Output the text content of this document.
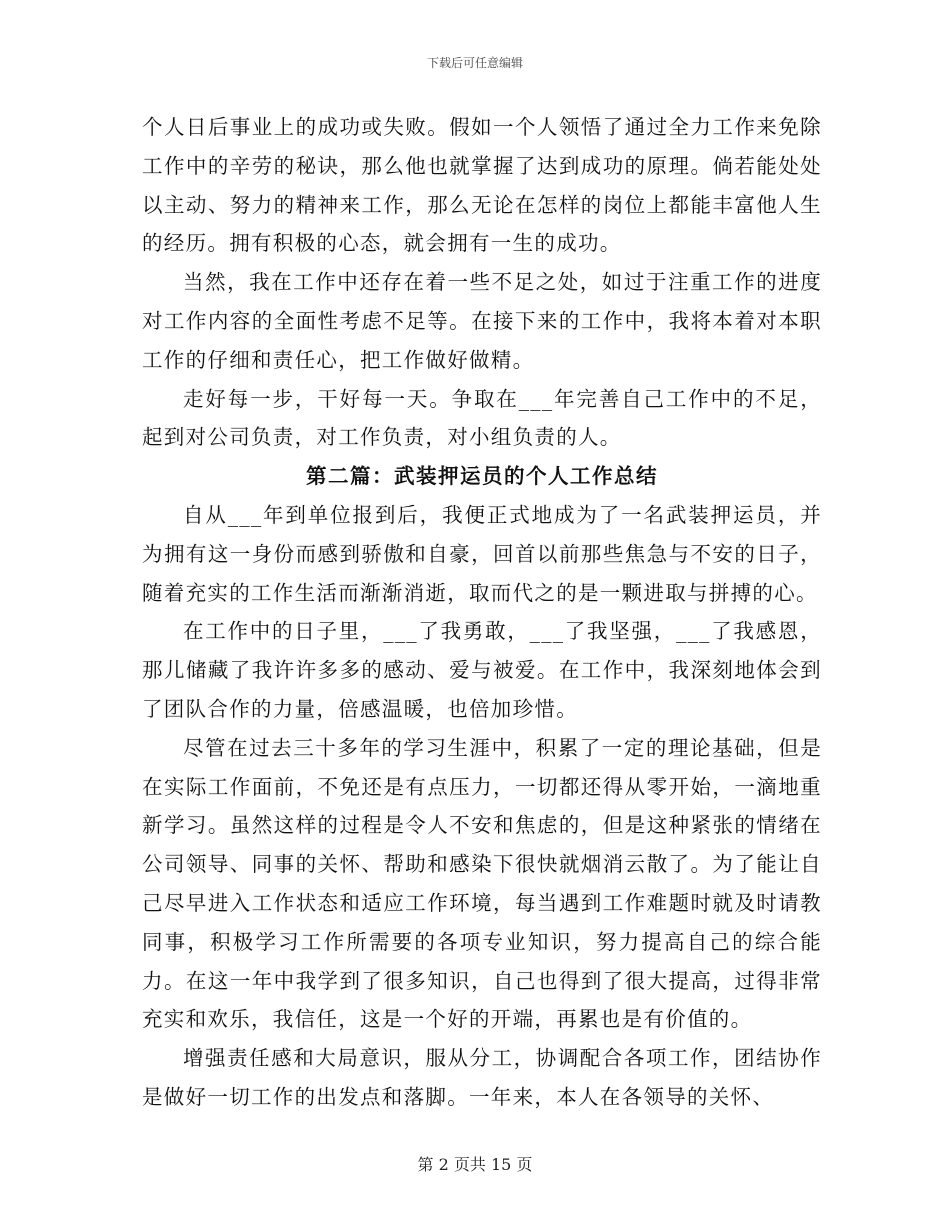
下载后可任意编辑

个人日后事业上的成功或失败。假如一个人领悟了通过全力工作来免除工作中的辛劳的秘诀，那么他也就掌握了达到成功的原理。倘若能处处以主动、努力的精神来工作，那么无论在怎样的岗位上都能丰富他人生的经历。拥有积极的心态，就会拥有一生的成功。

当然，我在工作中还存在着一些不足之处，如过于注重工作的进度对工作内容的全面性考虑不足等。在接下来的工作中，我将本着对本职工作的仔细和责任心，把工作做好做精。

走好每一步，干好每一天。争取在___年完善自己工作中的不足，起到对公司负责，对工作负责，对小组负责的人。

第二篇：武装押运员的个人工作总结

自从___年到单位报到后，我便正式地成为了一名武装押运员，并为拥有这一身份而感到骄傲和自豪，回首以前那些焦急与不安的日子，随着充实的工作生活而渐渐消逝，取而代之的是一颗进取与拼搏的心。

在工作中的日子里，___了我勇敢，___了我坚强，___了我感恩，那儿储藏了我许许多多的感动、爱与被爱。在工作中，我深刻地体会到了团队合作的力量，倍感温暖，也倍加珍惜。

尽管在过去三十多年的学习生涯中，积累了一定的理论基础，但是在实际工作面前，不免还是有点压力，一切都还得从零开始，一滴地重新学习。虽然这样的过程是令人不安和焦虑的，但是这种紧张的情绪在公司领导、同事的关怀、帮助和感染下很快就烟消云散了。为了能让自己尽早进入工作状态和适应工作环境，每当遇到工作难题时就及时请教同事，积极学习工作所需要的各项专业知识，努力提高自己的综合能力。在这一年中我学到了很多知识，自己也得到了很大提高，过得非常充实和欢乐，我信任，这是一个好的开端，再累也是有价值的。

增强责任感和大局意识，服从分工，协调配合各项工作，团结协作是做好一切工作的出发点和落脚。一年来，本人在各领导的关怀、

第 2 页共 15 页
